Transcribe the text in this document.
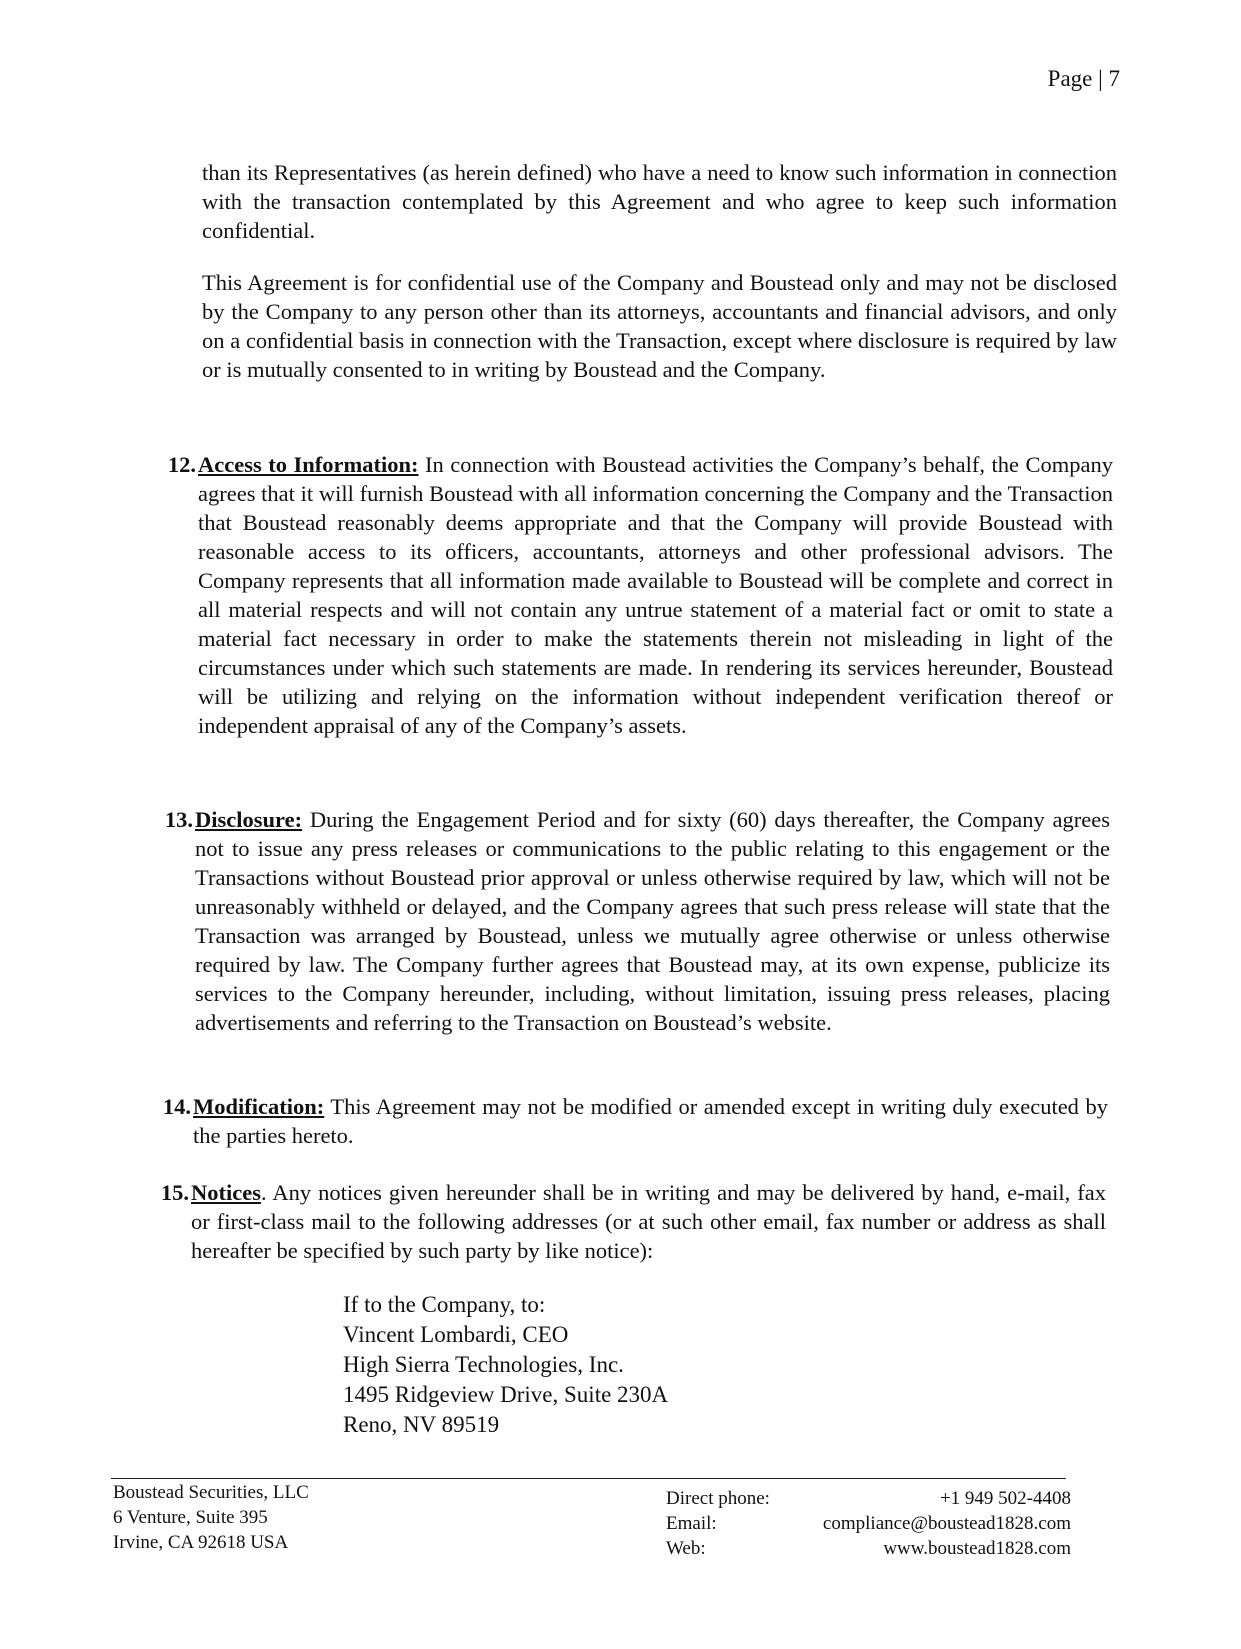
Page | 7

than its Representatives (as herein defined) who have a need to know such information in connection with the transaction contemplated by this Agreement and who agree to keep such information confidential.

This Agreement is for confidential use of the Company and Boustead only and may not be disclosed by the Company to any person other than its attorneys, accountants and financial advisors, and only on a confidential basis in connection with the Transaction, except where disclosure is required by law or is mutually consented to in writing by Boustead and the Company.

12. Access to Information: In connection with Boustead activities the Company’s behalf, the Company agrees that it will furnish Boustead with all information concerning the Company and the Transaction that Boustead reasonably deems appropriate and that the Company will provide Boustead with reasonable access to its officers, accountants, attorneys and other professional advisors. The Company represents that all information made available to Boustead will be complete and correct in all material respects and will not contain any untrue statement of a material fact or omit to state a material fact necessary in order to make the statements therein not misleading in light of the circumstances under which such statements are made. In rendering its services hereunder, Boustead will be utilizing and relying on the information without independent verification thereof or independent appraisal of any of the Company’s assets.
13. Disclosure: During the Engagement Period and for sixty (60) days thereafter, the Company agrees not to issue any press releases or communications to the public relating to this engagement or the Transactions without Boustead prior approval or unless otherwise required by law, which will not be unreasonably withheld or delayed, and the Company agrees that such press release will state that the Transaction was arranged by Boustead, unless we mutually agree otherwise or unless otherwise required by law. The Company further agrees that Boustead may, at its own expense, publicize its services to the Company hereunder, including, without limitation, issuing press releases, placing advertisements and referring to the Transaction on Boustead’s website.
14. Modification: This Agreement may not be modified or amended except in writing duly executed by the parties hereto.
15. Notices. Any notices given hereunder shall be in writing and may be delivered by hand, e-mail, fax or first-class mail to the following addresses (or at such other email, fax number or address as shall hereafter be specified by such party by like notice):
If to the Company, to:
Vincent Lombardi, CEO
High Sierra Technologies, Inc.
1495 Ridgeview Drive, Suite 230A
Reno, NV 89519
Boustead Securities, LLC
6 Venture, Suite 395
Irvine, CA 92618 USA
Direct phone:	+1 949 502-4408
Email:	compliance@boustead1828.com
Web:	www.boustead1828.com
